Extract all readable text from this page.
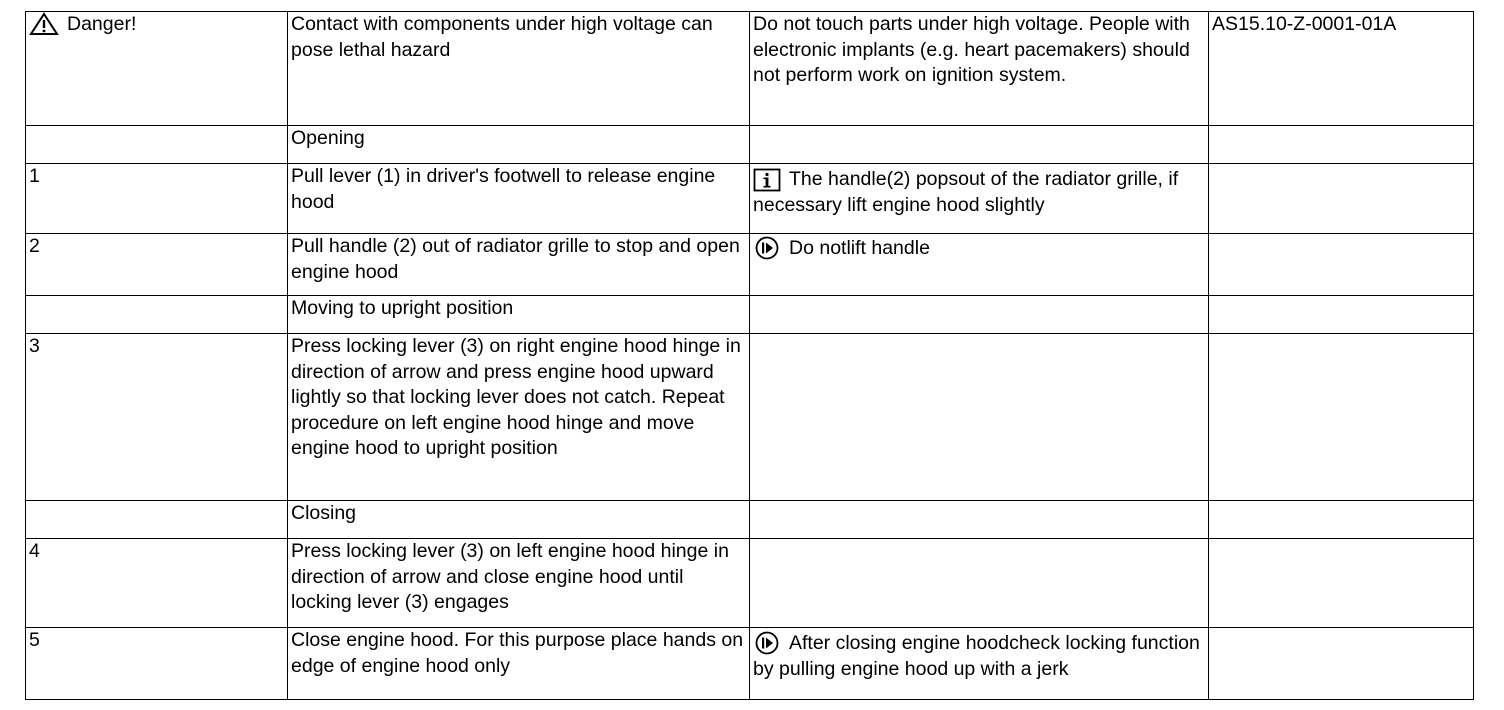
Danger!	Contact with components under high voltage can pose lethal hazard	Do not touch parts under high voltage. People with electronic implants (e.g. heart pacemakers) should not perform work on ignition system.	AS15.10-Z-0001-01A
	Opening		
1	Pull lever (1) in driver's footwell to release engine hood	The handle(2) popsout of the radiator grille, if necessary lift engine hood slightly	
2	Pull handle (2) out of radiator grille to stop and open engine hood	Do notlift handle	
	Moving to upright position		
3	Press locking lever (3) on right engine hood hinge in direction of arrow and press engine hood upward lightly so that locking lever does not catch. Repeat procedure on left engine hood hinge and move engine hood to upright position		
	Closing		
4	Press locking lever (3) on left engine hood hinge in direction of arrow and close engine hood until locking lever (3) engages		
5	Close engine hood. For this purpose place hands on edge of engine hood only	After closing engine hoodcheck locking function by pulling engine hood up with a jerk	
